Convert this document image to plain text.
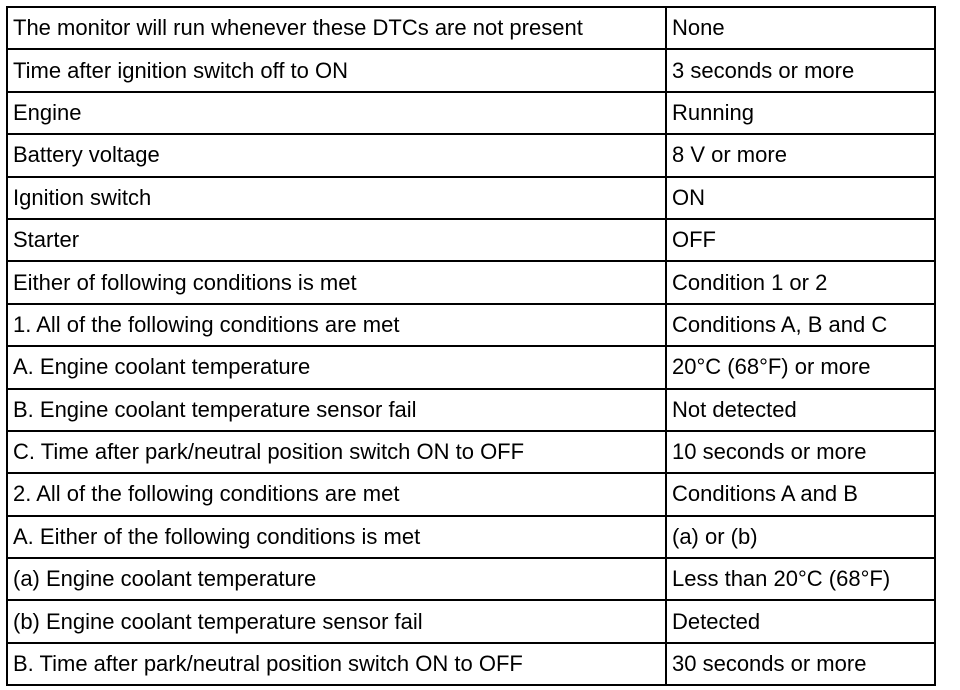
The monitor will run whenever these DTCs are not present	None
Time after ignition switch off to ON	3 seconds or more
Engine	Running
Battery voltage	8 V or more
Ignition switch	ON
Starter	OFF
Either of following conditions is met	Condition 1 or 2
1. All of the following conditions are met	Conditions A, B and C
A. Engine coolant temperature	20°C (68°F) or more
B. Engine coolant temperature sensor fail	Not detected
C. Time after park/neutral position switch ON to OFF	10 seconds or more
2. All of the following conditions are met	Conditions A and B
A. Either of the following conditions is met	(a) or (b)
(a) Engine coolant temperature	Less than 20°C (68°F)
(b) Engine coolant temperature sensor fail	Detected
B. Time after park/neutral position switch ON to OFF	30 seconds or more
